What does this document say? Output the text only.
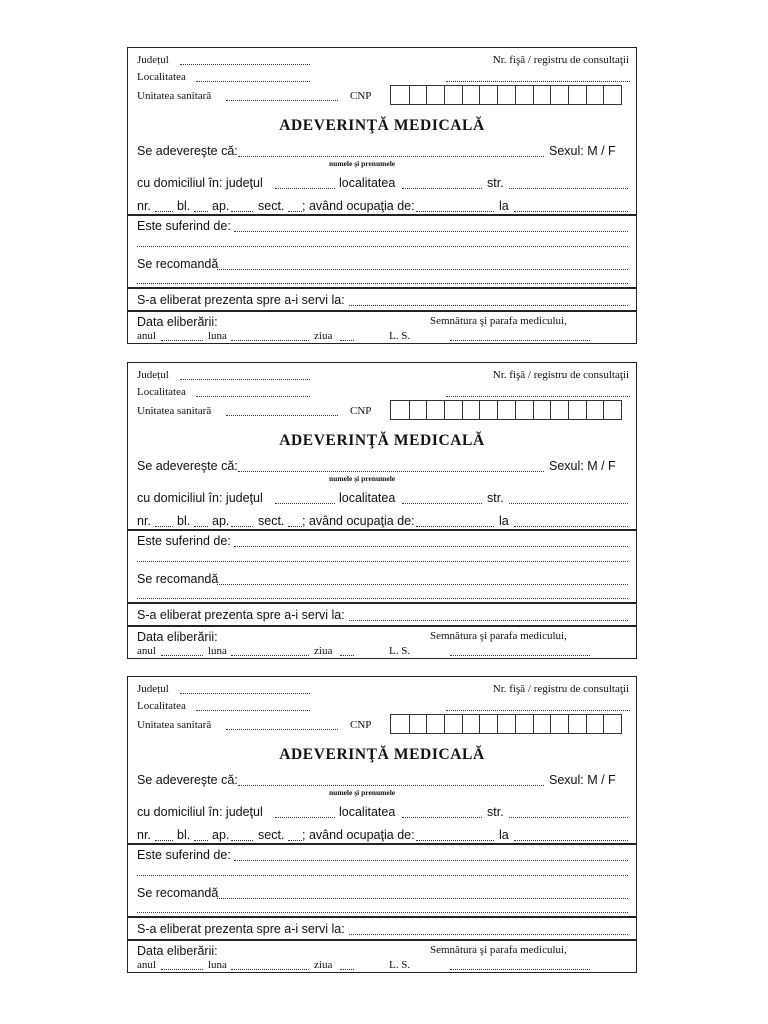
Județul	Nr. fişă / registru de consultaţii
Localitatea
Unitatea sanitară	CNP
ADEVERINŢĂ MEDICALĂ
Se adevereşte că:	Sexul: M / F
numele şi prenumele
cu domiciliul în: judeţul	localitatea	str.
nr. bl. ap. sect. ; având ocupaţia de:	la
Este suferind de:
Se recomandă
S-a eliberat prezenta spre a-i servi la:
Data eliberării:	Semnătura şi parafa medicului,
anul	luna	ziua	L. S.
Județul	Nr. fişă / registru de consultaţii
Localitatea
Unitatea sanitară	CNP
ADEVERINŢĂ MEDICALĂ
Se adevereşte că:	Sexul: M / F
numele şi prenumele
cu domiciliul în: judeţul	localitatea	str.
nr. bl. ap. sect. ; având ocupaţia de:	la
Este suferind de:
Se recomandă
S-a eliberat prezenta spre a-i servi la:
Data eliberării:	Semnătura şi parafa medicului,
anul	luna	ziua	L. S.
Județul	Nr. fişă / registru de consultaţii
Localitatea
Unitatea sanitară	CNP
ADEVERINŢĂ MEDICALĂ
Se adevereşte că:	Sexul: M / F
numele şi prenumele
cu domiciliul în: judeţul	localitatea	str.
nr. bl. ap. sect. ; având ocupaţia de:	la
Este suferind de:
Se recomandă
S-a eliberat prezenta spre a-i servi la:
Data eliberării:	Semnătura şi parafa medicului,
anul	luna	ziua	L. S.
